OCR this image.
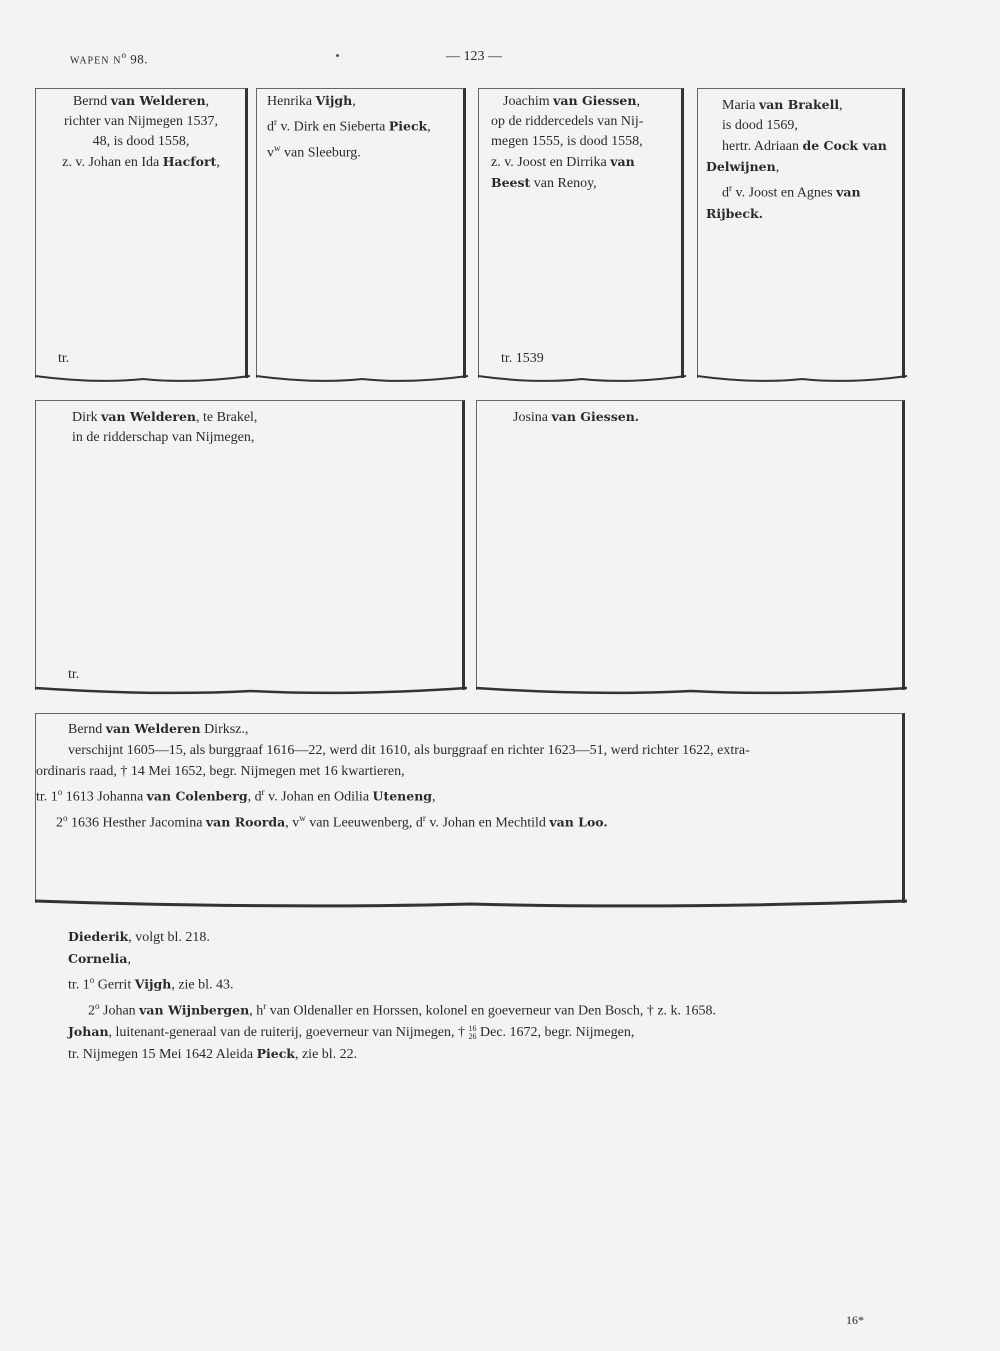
WAPEN $N^o$ 98.	— 123 —
Bernd van Welderen,
richter van Nijmegen 1537,
48, is dood 1558,
z. v. Johan en Ida Hacfort,
tr.
Henrika Vijgh,
$d^r$ v. Dirk en Sieberta Pieck,
$v^w$ van Sleeburg.
Joachim van Giessen,
op de riddercedels van Nij-
megen 1555, is dood 1558,
z. v. Joost en Dirrika van
Beest van Renoy,
tr. 1539
Maria van Brakell,
is dood 1569,
hertr. Adriaan de Cock van
Delwijnen,
$d^r$ v. Joost en Agnes van
Rijbeck.
Dirk van Welderen, te Brakel,
in de ridderschap van Nijmegen,
tr.
Josina van Giessen.
Bernd van Welderen Dirksz.,
verschijnt 1605—15, als burggraaf 1616—22, werd dit 1610, als burggraaf en richter 1623—51, werd richter 1622, extra-
ordinaris raad, † 14 Mei 1652, begr. Nijmegen met 16 kwartieren,
tr. 1$^o$ 1613 Johanna van Colenberg, $d^r$ v. Johan en Odilia Uteneng,
2$^o$ 1636 Hesther Jacomina van Roorda, $v^w$ van Leeuwenberg, $d^r$ v. Johan en Mechtild van Loo.
Diederik, volgt bl. 218.
Cornelia,
tr. 1$^o$ Gerrit Vijgh, zie bl. 43.
2$^o$ Johan van Wijnbergen, $h^r$ van Oldenaller en Horssen, kolonel en goeverneur van Den Bosch, † z. k. 1658.
Johan, luitenant-generaal van de ruiterij, goeverneur van Nijmegen, † 16
26 Dec. 1672, begr. Nijmegen,
tr. Nijmegen 15 Mei 1642 Aleida Pieck, zie bl. 22.
16*
